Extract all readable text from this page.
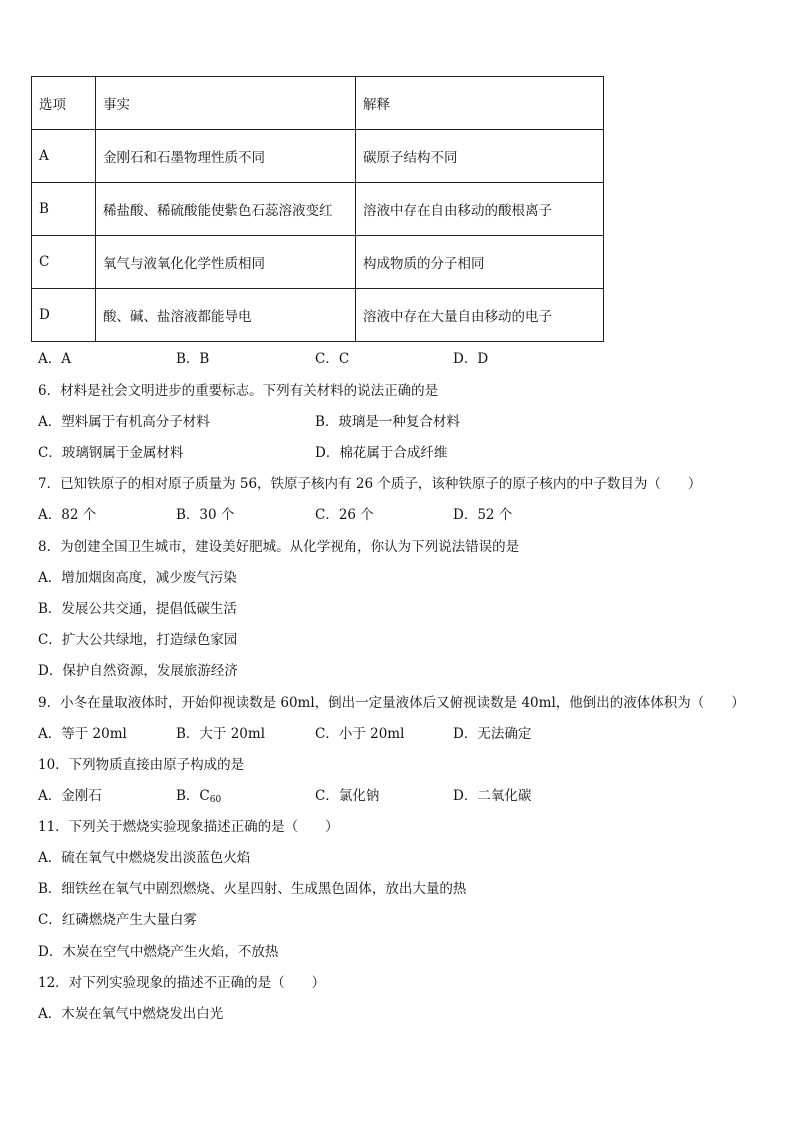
选项	事实	解释
A	金刚石和石墨物理性质不同	碳原子结构不同
B	稀盐酸、稀硫酸能使紫色石蕊溶液变红	溶液中存在自由移动的酸根离子
C	氧气与液氧化化学性质相同	构成物质的分子相同
D	酸、碱、盐溶液都能导电	溶液中存在大量自由移动的电子
A．A	B．B	C．C	D．D
6．材料是社会文明进步的重要标志。下列有关材料的说法正确的是
A．塑料属于有机高分子材料	B．玻璃是一种复合材料
C．玻璃钢属于金属材料	D．棉花属于合成纤维
7．已知铁原子的相对原子质量为 56，铁原子核内有 26 个质子，该种铁原子的原子核内的中子数目为（　　）
A．82 个	B．30 个	C．26 个	D．52 个
8．为创建全国卫生城市，建设美好肥城。从化学视角，你认为下列说法错误的是
A．增加烟囱高度，减少废气污染
B．发展公共交通，提倡低碳生活
C．扩大公共绿地，打造绿色家园
D．保护自然资源，发展旅游经济
9．小冬在量取液体时，开始仰视读数是 60ml，倒出一定量液体后又俯视读数是 40ml，他倒出的液体体积为（　　）
A．等于 20ml	B．大于 20ml	C．小于 20ml	D．无法确定
10．下列物质直接由原子构成的是
A．金刚石	B．$C_{60}$	C．氯化钠	D．二氧化碳
11．下列关于燃烧实验现象描述正确的是（　　）
A．硫在氧气中燃烧发出淡蓝色火焰
B．细铁丝在氧气中剧烈燃烧、火星四射、生成黑色固体，放出大量的热
C．红磷燃烧产生大量白雾
D．木炭在空气中燃烧产生火焰，不放热
12．对下列实验现象的描述不正确的是（　　）
A．木炭在氧气中燃烧发出白光
